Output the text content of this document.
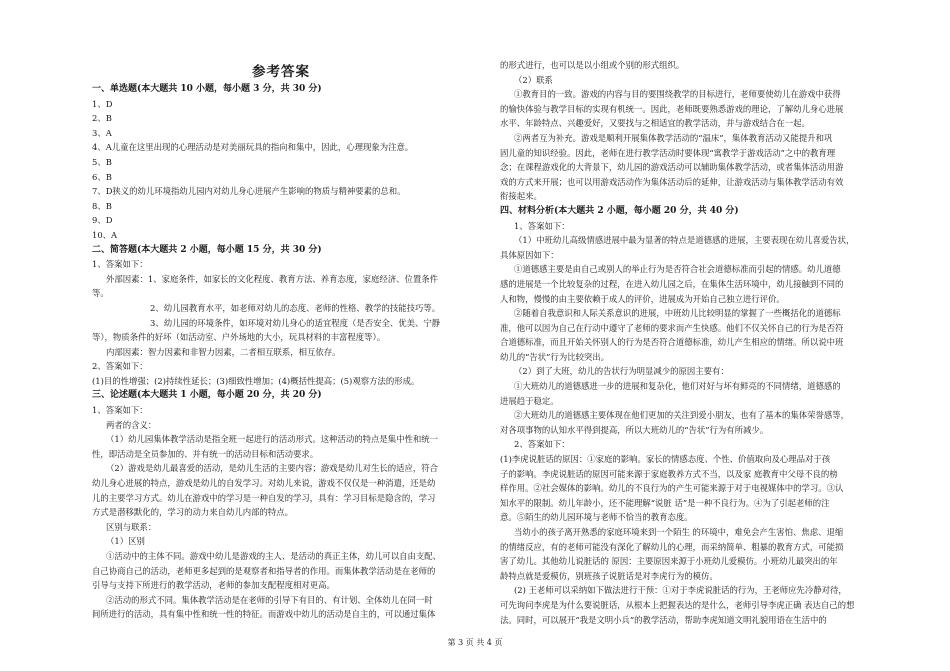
参考答案
一、单选题(本大题共 10 小题，每小题 3 分，共 30 分)
1、D
2、B
3、A
4、A儿童在这里出现的心理活动是对美丽玩具的指向和集中，因此，心理现象为注意。
5、B
6、B
7、D狭义的幼儿环境指幼儿园内对幼儿身心进展产生影响的物质与精神要素的总和。
8、B
9、D
10、A
二、简答题(本大题共 2 小题，每小题 15 分，共 30 分)
1、答案如下：
外部因素：1、家庭条件，如家长的文化程度、教育方法、养育态度，家庭经济、位置条件
等。
2、幼儿园教育水平，如老师对幼儿的态度、老师的性格、教学的技能技巧等。
3、幼儿园的环境条件，如环境对幼儿身心的适宜程度（是否安全、优美、宁静
等），物质条件的好坏（如活动室、户外场地的大小，玩具材料的丰富程度等）。
内部因素：智力因素和非智力因素，二者相互联系，相互依存。
2、答案如下：
(1)目的性增强；(2)持续性延长；(3)细致性增加；(4)概括性提高；(5)观察方法的形成。
三、论述题(本大题共 1 小题，每小题 20 分，共 20 分)
1、答案如下：
两者的含义：
（1）幼儿园集体教学活动是指全班一起进行的活动形式。这种活动的特点是集中性和统一
性，即活动是全员参加的、并有统一的活动目标和活动要求。
（2）游戏是幼儿最喜爱的活动，是幼儿生活的主要内容；游戏是幼儿对生长的适应，符合
幼儿身心进展的特点，游戏是幼儿的自发学习。对幼儿来说，游戏不仅仅是一种消遣，还是幼
儿的主要学习方式。幼儿在游戏中的学习是一种自发的学习，具有：学习目标是隐含的，学习
方式是潜移默化的，学习的动力来自幼儿内部的特点。
区别与联系：
（1）区别
①活动中的主体不同。游戏中幼儿是游戏的主人、是活动的真正主体，幼儿可以自由支配、
自己协商自己的活动，老师更多起到的是观察者和指导者的作用。而集体教学活动是在老师的
引导与支持下所进行的教学活动，老师的参加支配程度相对更高。
②活动的形式不同。集体教学活动是在老师的引导下有目的、有计划、全体幼儿在同一时
间所进行的活动，具有集中性和统一性的特征。而游戏中幼儿的活动是自主的，可以通过集体
的形式进行，也可以是以小组或个别的形式组织。
（2）联系
①教育目的一致。游戏的内容与目的要围绕教学的目标进行，老师要使幼儿在游戏中获得
的愉快体验与教学目标的实现有机统一。因此，老师既要熟悉游戏的理论，了解幼儿身心进展
水平、年龄特点、兴趣爱好，又要找与之相适宜的教学活动，并与游戏结合在一起。
②两者互为补充。游戏是顺利开展集体教学活动的“温床”，集体教育活动又能提升和巩
固儿童的知识经验。因此，老师在进行教学活动时要体现“寓教学于游戏活动”之中的教育理
念；在课程游戏化的大背景下，幼儿园的游戏活动可以辅助集体教学活动，或者集体活动用游
戏的方式来开展；也可以用游戏活动作为集体活动后的延伸，让游戏活动与集体教学活动有效
衔接起来。
四、材料分析(本大题共 2 小题，每小题 20 分，共 40 分)
1、答案如下：
（1）中班幼儿高级情感进展中最为显著的特点是道德感的进展，主要表现在幼儿喜爱告状，
具体原因如下：
①道德感主要是由自己或别人的举止行为是否符合社会道德标准而引起的情感。幼儿道德
感的进展是一个比较复杂的过程，在进入幼儿园之后，在集体生活环境中，幼儿接触到不同的
人和物，慢慢的由主要依赖于成人的评价，进展成为开始自己独立进行评价。
②随着自我意识和人际关系意识的进展，中班幼儿比较明显的掌握了一些概括化的道德标
准，他可以因为自己在行动中遵守了老师的要求而产生快感。他们不仅关怀自己的行为是否符
合道德标准，而且开始关怀别人的行为是否符合道德标准，幼儿产生相应的情绪。所以说中班
幼儿的“告状”行为比较突出。
（2）到了大班，幼儿的告状行为明显减少的原因主要有：
①大班幼儿的道德感进一步的进展和复杂化，他们对好与坏有鲜亮的不同情绪，道德感的
进展趋于稳定。
②大班幼儿的道德感主要体现在他们更加的关注到爱小朋友，也有了基本的集体荣誉感等，
对各项事物的认知水平得到提高，所以大班幼儿的“告状”行为有所减少。
2、答案如下：
(1)李虎说脏话的原因：①家庭的影响。家长的情感态度、个性、价值取向及心理品对于孩
子的影响。李虎说脏话的原因可能来源于家庭教养方式不当，以及家 庭教育中父母不良的榜
样作用。②社会媒体的影响。幼儿的不良行为的产生可能来源于对于电视媒体中的学习。③认
知水平的限制。幼儿年龄小，还不能理解“说脏 话”是一种不良行为。④为了引起老师的注
意。⑤陌生的幼儿园环境与老师不恰当的教育态度。
当幼小的孩子离开熟悉的家庭环境来到一个陌生 的环境中，难免会产生害怕、焦虑、退缩
的情绪反应，有的老师可能没有深化了解幼儿的心理，而采纳简单、粗暴的教育方式，可能损
害了幼儿。其他幼儿说脏话的 原因：主要原因来源于小班幼儿爱模仿。小班幼儿最突出的年
龄特点就是爱模仿，别班孩子说脏话是对李虎行为的模仿。
(2) 王老师可以采纳如下做法进行干预：①对于李虎说脏话的行为，王老师应先冷静对待，
可先询问李虎是为什么要说脏话，从根本上把握表达的是什么，老师引导李虎正确 表达自己的想
法。同时，可以展开“我是文明小兵”的教学活动，帮助李虎知道文明礼貌用语在生活中的
第 3 页 共 4 页
